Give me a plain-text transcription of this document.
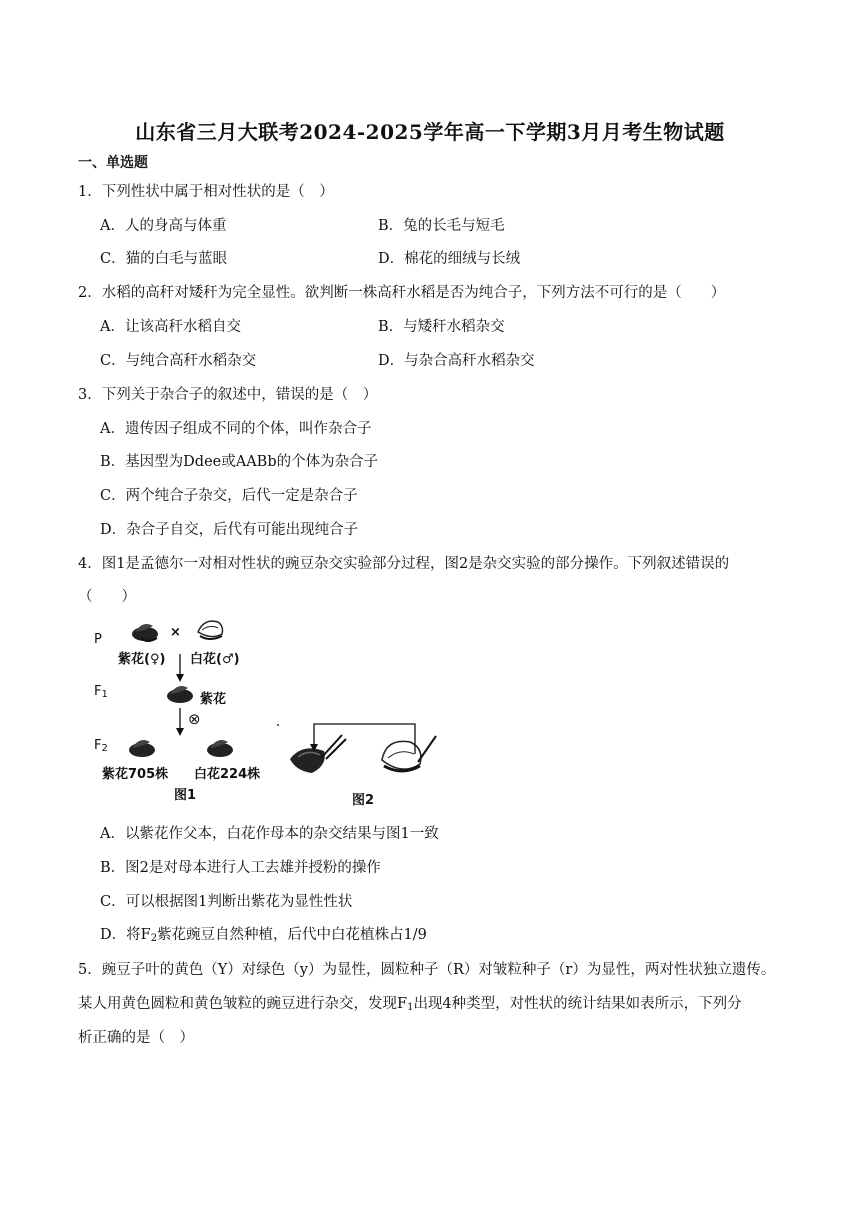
山东省三月大联考2024-2025学年高一下学期3月月考生物试题
一、单选题
1．下列性状中属于相对性状的是（　）
A．人的身高与体重	B．兔的长毛与短毛
C．猫的白毛与蓝眼	D．棉花的细绒与长绒
2．水稻的高秆对矮秆为完全显性。欲判断一株高秆水稻是否为纯合子，下列方法不可行的是（　　）
A．让该高秆水稻自交	B．与矮秆水稻杂交
C．与纯合高秆水稻杂交	D．与杂合高秆水稻杂交
3．下列关于杂合子的叙述中，错误的是（　）
A．遗传因子组成不同的个体，叫作杂合子
B．基因型为Ddee或AABb的个体为杂合子
C．两个纯合子杂交，后代一定是杂合子
D．杂合子自交，后代有可能出现纯合子
4．图1是孟德尔一对相对性状的豌豆杂交实验部分过程，图2是杂交实验的部分操作。下列叙述错误的
（　　）
P	×
紫花(♀) 白花(♂)
$F_1$	紫花
⊗
$F_2$
紫花705株 白花224株
图1	图2
A．以紫花作父本，白花作母本的杂交结果与图1一致
B．图2是对母本进行人工去雄并授粉的操作
C．可以根据图1判断出紫花为显性性状
D．将$F_2$紫花豌豆自然种植，后代中白花植株占1/9
5．豌豆子叶的黄色（Y）对绿色（y）为显性，圆粒种子（R）对皱粒种子（r）为显性，两对性状独立遗传。
某人用黄色圆粒和黄色皱粒的豌豆进行杂交，发现$F_1$出现4种类型，对性状的统计结果如表所示，下列分
析正确的是（　）
